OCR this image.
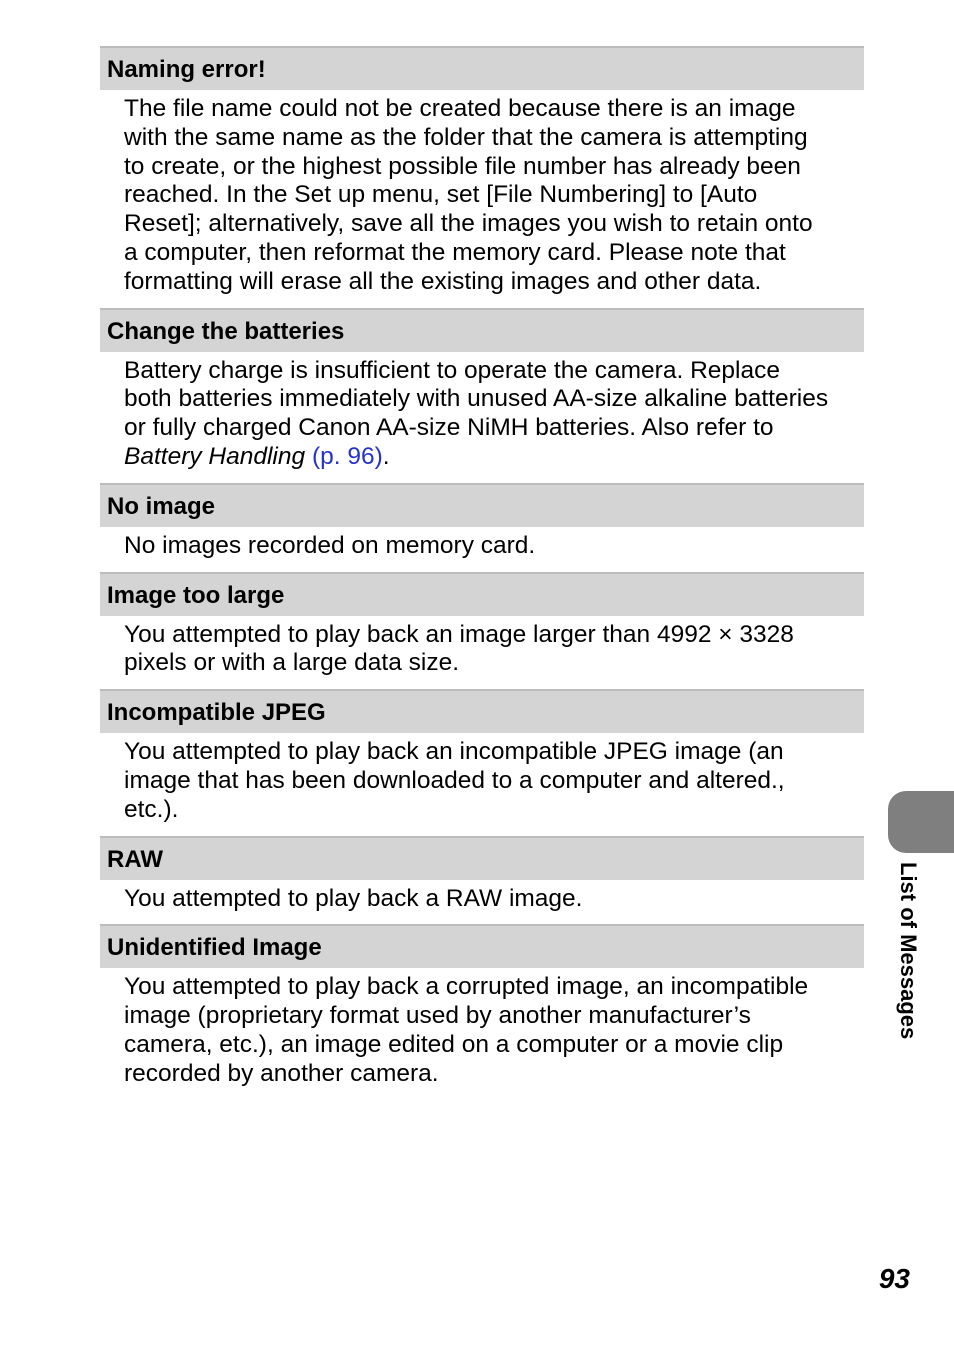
Naming error!
The file name could not be created because there is an image
with the same name as the folder that the camera is attempting
to create, or the highest possible file number has already been
reached. In the Set up menu, set [File Numbering] to [Auto
Reset]; alternatively, save all the images you wish to retain onto
a computer, then reformat the memory card. Please note that
formatting will erase all the existing images and other data.
Change the batteries
Battery charge is insufficient to operate the camera. Replace
both batteries immediately with unused AA-size alkaline batteries
or fully charged Canon AA-size NiMH batteries. Also refer to
Battery Handling (p. 96).
No image
No images recorded on memory card.
Image too large
You attempted to play back an image larger than 4992 × 3328
pixels or with a large data size.
Incompatible JPEG
You attempted to play back an incompatible JPEG image (an
image that has been downloaded to a computer and altered.,
etc.).
RAW
You attempted to play back a RAW image.
Unidentified Image
You attempted to play back a corrupted image, an incompatible
image (proprietary format used by another manufacturer’s
camera, etc.), an image edited on a computer or a movie clip
recorded by another camera.
List of Messages
93
